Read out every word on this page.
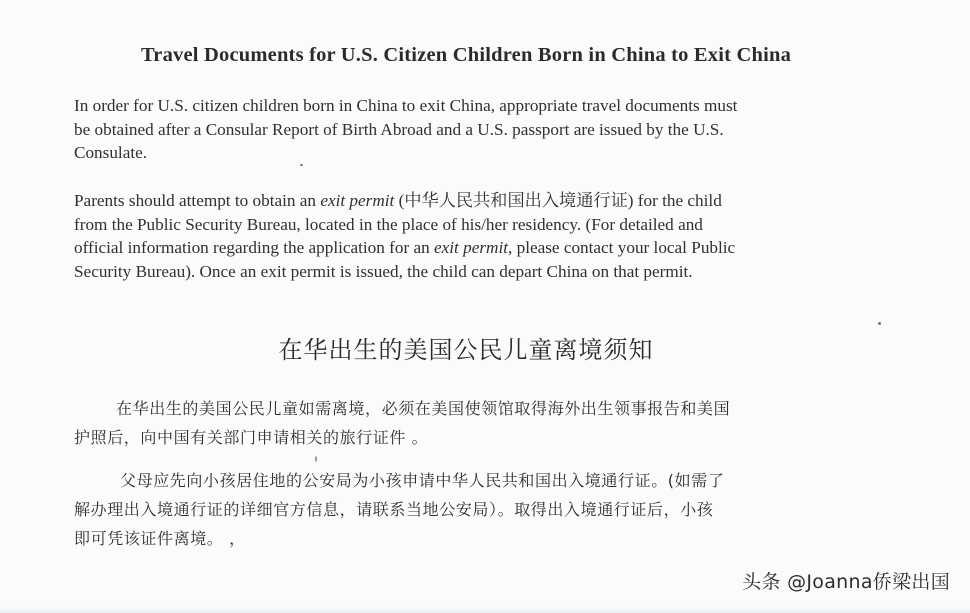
Travel Documents for U.S. Citizen Children Born in China to Exit China
In order for U.S. citizen children born in China to exit China, appropriate travel documents must
be obtained after a Consular Report of Birth Abroad and a U.S. passport are issued by the U.S.
Consulate.
Parents should attempt to obtain an exit permit (中华人民共和国出入境通行证) for the child
from the Public Security Bureau, located in the place of his/her residency. (For detailed and
official information regarding the application for an exit permit, please contact your local Public
Security Bureau). Once an exit permit is issued, the child can depart China on that permit.
在华出生的美国公民儿童离境须知
在华出生的美国公民儿童如需离境，必须在美国使领馆取得海外出生领事报告和美国
护照后，向中国有关部门申请相关的旅行证件 。
父母应先向小孩居住地的公安局为小孩申请中华人民共和国出入境通行证。(如需了
解办理出入境通行证的详细官方信息，请联系当地公安局）。取得出入境通行证后，小孩
即可凭该证件离境。 ，
头条 @Joanna侨梁出国
